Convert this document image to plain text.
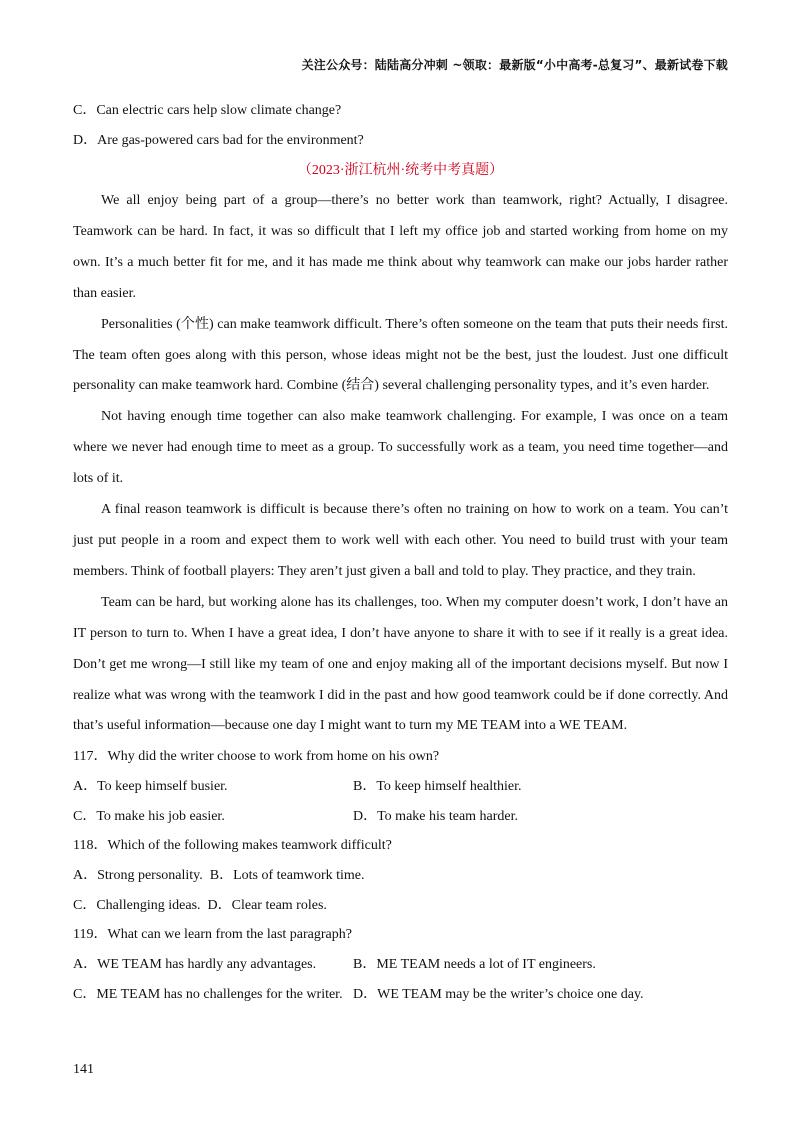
关注公众号：陆陆高分冲刺 ~领取：最新版“小中高考-总复习”、最新试卷下载

C．Can electric cars help slow climate change?

D．Are gas-powered cars bad for the environment?

（2023·浙江杭州·统考中考真题）

We all enjoy being part of a group—there’s no better work than teamwork, right? Actually, I disagree. Teamwork can be hard. In fact, it was so difficult that I left my office job and started working from home on my own. It’s a much better fit for me, and it has made me think about why teamwork can make our jobs harder rather than easier.

Personalities (个性) can make teamwork difficult. There’s often someone on the team that puts their needs first. The team often goes along with this person, whose ideas might not be the best, just the loudest. Just one difficult personality can make teamwork hard. Combine (结合) several challenging personality types, and it’s even harder.

Not having enough time together can also make teamwork challenging. For example, I was once on a team where we never had enough time to meet as a group. To successfully work as a team, you need time together—and lots of it.

A final reason teamwork is difficult is because there’s often no training on how to work on a team. You can’t just put people in a room and expect them to work well with each other. You need to build trust with your team members. Think of football players: They aren’t just given a ball and told to play. They practice, and they train.

Team can be hard, but working alone has its challenges, too. When my computer doesn’t work, I don’t have an IT person to turn to. When I have a great idea, I don’t have anyone to share it with to see if it really is a great idea. Don’t get me wrong—I still like my team of one and enjoy making all of the important decisions myself. But now I realize what was wrong with the teamwork I did in the past and how good teamwork could be if done correctly. And that’s useful information—because one day I might want to turn my ME TEAM into a WE TEAM.

117．Why did the writer choose to work from home on his own?

A．To keep himself busier.	B．To keep himself healthier.
C．To make his job easier.	D．To make his team harder.

118．Which of the following makes teamwork difficult?

A．Strong personality.  B．Lots of teamwork time.
C．Challenging ideas.  D．Clear team roles.

119．What can we learn from the last paragraph?

A．WE TEAM has hardly any advantages.	B．ME TEAM needs a lot of IT engineers.
C．ME TEAM has no challenges for the writer. D．WE TEAM may be the writer’s choice one day.
141
